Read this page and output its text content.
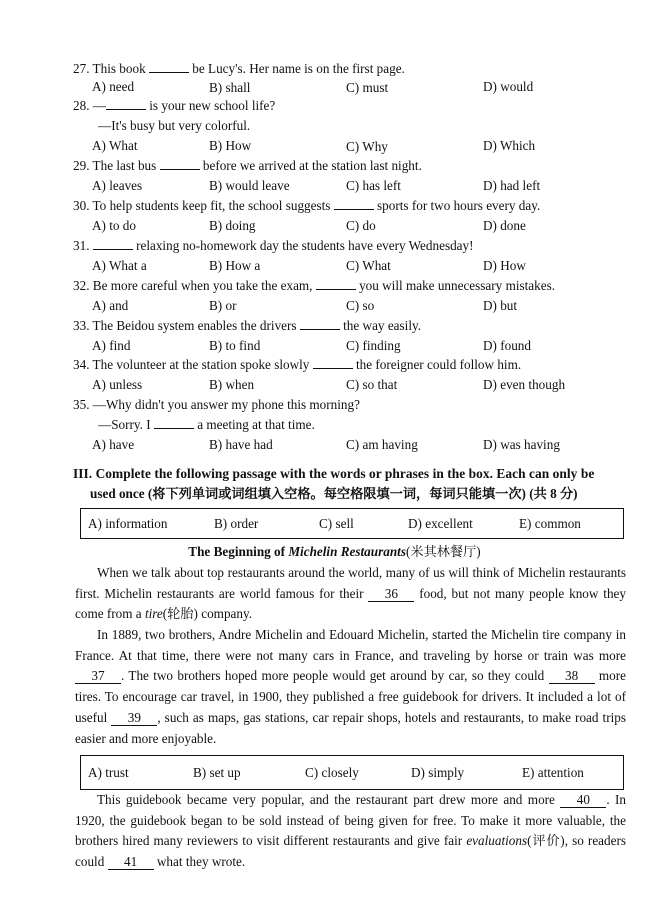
27. This book	be Lucy's. Her name is on the first page.
A) need	B) shall	C) must	D) would
28. —	is your new school life?
—It's busy but very colorful.
A) What	B) How	C) Why	D) Which
29. The last bus	before we arrived at the station last night.
A) leaves	B) would leave	C) has left	D) had left
30. To help students keep fit, the school suggests	sports for two hours every day.
A) to do	B) doing	C) do	D) done
31.	relaxing no-homework day the students have every Wednesday!
A) What a	B) How a	C) What	D) How
32. Be more careful when you take the exam,	you will make unnecessary mistakes.
A) and	B) or	C) so	D) but
33. The Beidou system enables the drivers	the way easily.
A) find	B) to find	C) finding	D) found
34. The volunteer at the station spoke slowly	the foreigner could follow him.
A) unless	B) when	C) so that	D) even though
35. —Why didn't you answer my phone this morning?
—Sorry. I	a meeting at that time.
A) have	B) have had	C) am having	D) was having
III. Complete the following passage with the words or phrases in the box. Each can only be
used once (将下列单词或词组填入空格。每空格限填一词，每词只能填一次) (共 8 分)
A) information	B) order	C) sell	D) excellent	E) common
The Beginning of Michelin Restaurants(米其林餐厅)
When we talk about top restaurants around the world, many of us will think of Michelin restaurants first. Michelin restaurants are world famous for their 36 food, but not many people know they come from a tire(轮胎) company.
In 1889, two brothers, Andre Michelin and Edouard Michelin, started the Michelin tire company in France. At that time, there were not many cars in France, and traveling by horse or train was more 37 . The two brothers hoped more people would get around by car, so they could 38 more tires. To encourage car travel, in 1900, they published a free guidebook for drivers. It included a lot of useful 39 , such as maps, gas stations, car repair shops, hotels and restaurants, to make road trips easier and more enjoyable.
A) trust	B) set up	C) closely	D) simply	E) attention
This guidebook became very popular, and the restaurant part drew more and more 40 . In 1920, the guidebook began to be sold instead of being given for free. To make it more valuable, the brothers hired many reviewers to visit different restaurants and give fair evaluations(评价), so readers could 41 what they wrote.
